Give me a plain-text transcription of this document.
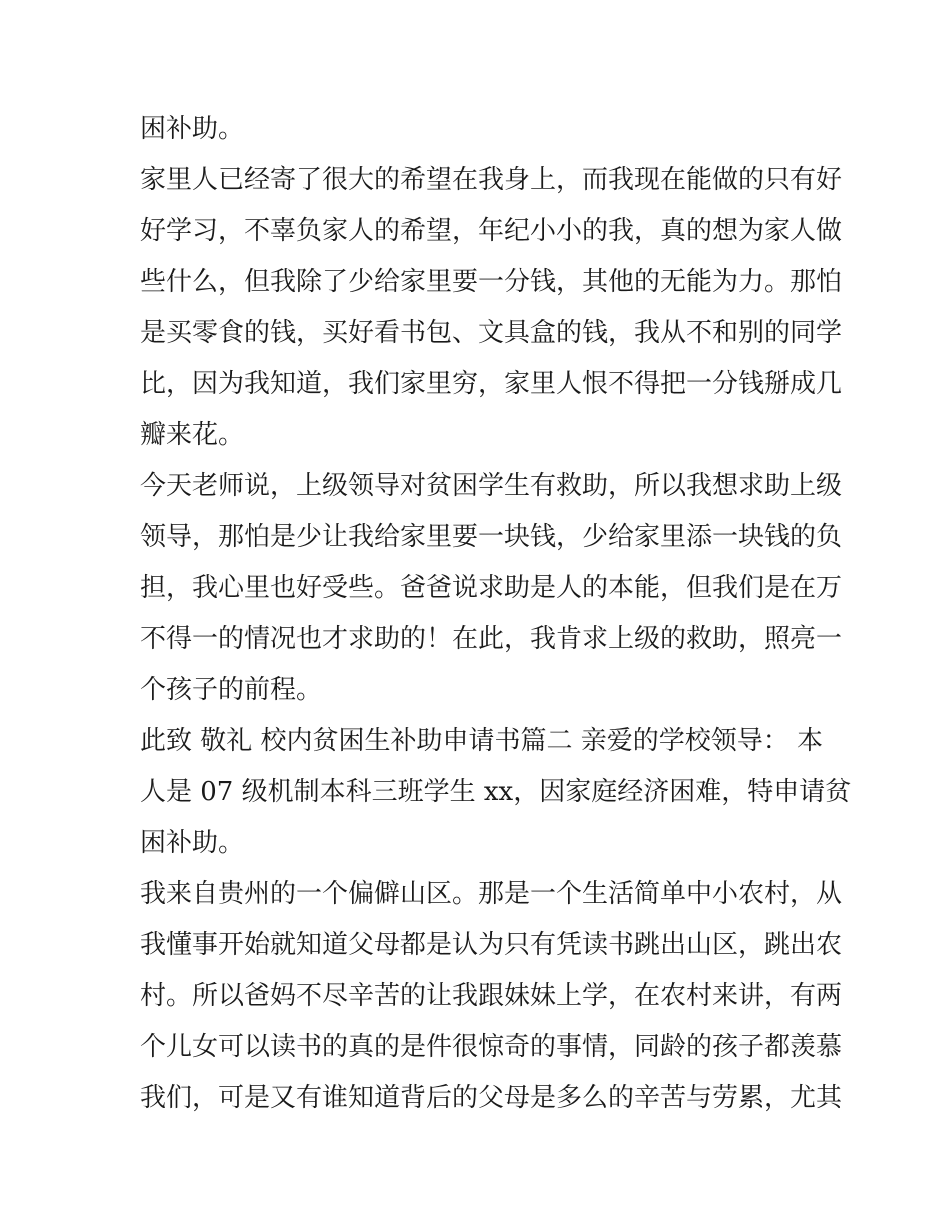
困补助。
家里人已经寄了很大的希望在我身上，而我现在能做的只有好
好学习，不辜负家人的希望，年纪小小的我，真的想为家人做
些什么，但我除了少给家里要一分钱，其他的无能为力。那怕
是买零食的钱，买好看书包、文具盒的钱，我从不和别的同学
比，因为我知道，我们家里穷，家里人恨不得把一分钱掰成几
瓣来花。
今天老师说，上级领导对贫困学生有救助，所以我想求助上级
领导，那怕是少让我给家里要一块钱，少给家里添一块钱的负
担，我心里也好受些。爸爸说求助是人的本能，但我们是在万
不得一的情况也才求助的！在此，我肯求上级的救助，照亮一
个孩子的前程。
此致 敬礼 校内贫困生补助申请书篇二 亲爱的学校领导： 本
人是 07 级机制本科三班学生 xx，因家庭经济困难，特申请贫
困补助。
我来自贵州的一个偏僻山区。那是一个生活简单中小农村，从
我懂事开始就知道父母都是认为只有凭读书跳出山区，跳出农
村。所以爸妈不尽辛苦的让我跟妹妹上学，在农村来讲，有两
个儿女可以读书的真的是件很惊奇的事情，同龄的孩子都羡慕
我们，可是又有谁知道背后的父母是多么的辛苦与劳累，尤其
